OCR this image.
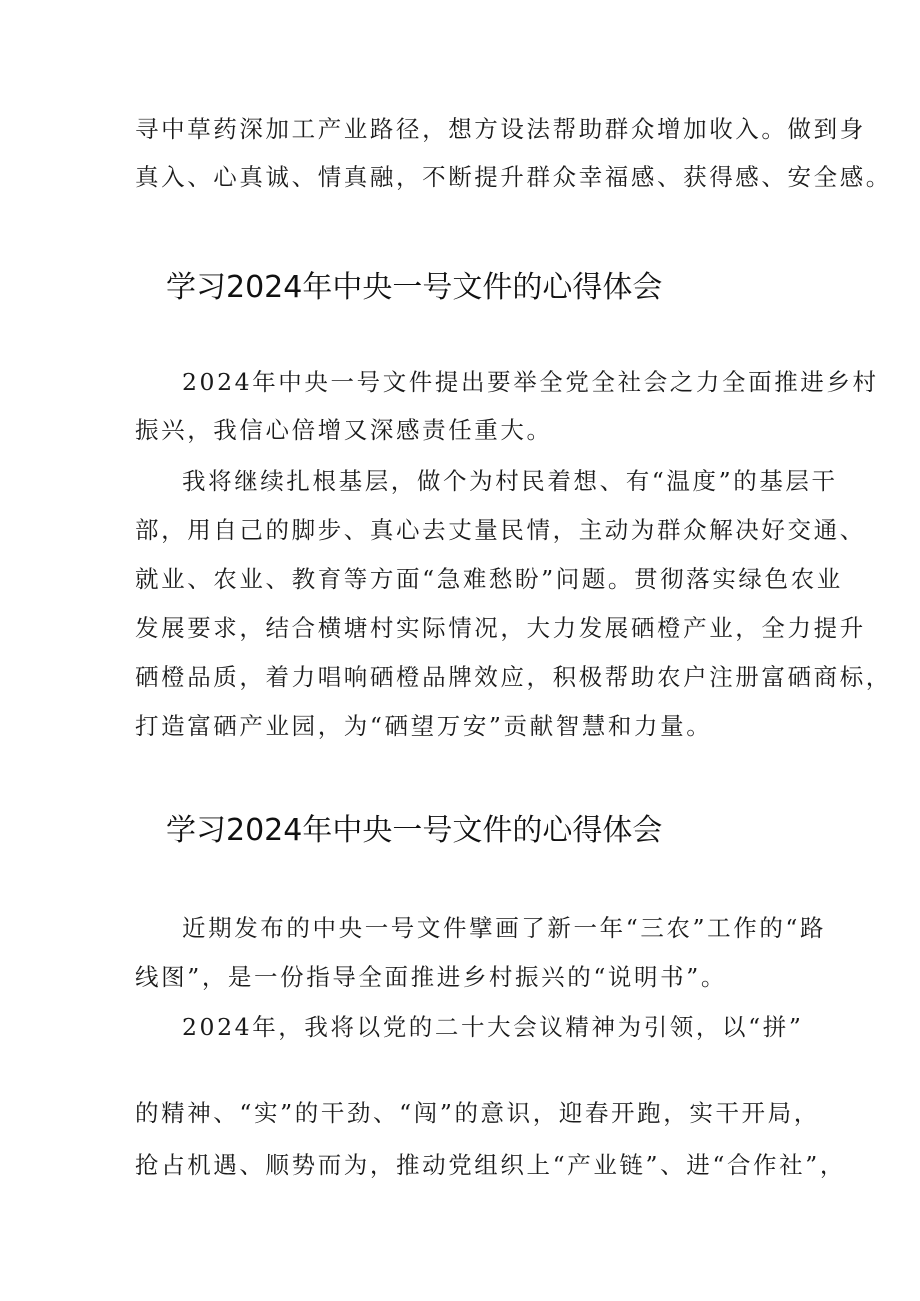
寻中草药深加工产业路径，想方设法帮助群众增加收入。做到身
真入、心真诚、情真融，不断提升群众幸福感、获得感、安全感。
学习2024年中央一号文件的心得体会
2024年中央一号文件提出要举全党全社会之力全面推进乡村
振兴，我信心倍增又深感责任重大。
我将继续扎根基层，做个为村民着想、有“温度”的基层干
部，用自己的脚步、真心去丈量民情，主动为群众解决好交通、
就业、农业、教育等方面“急难愁盼”问题。贯彻落实绿色农业
发展要求，结合横塘村实际情况，大力发展硒橙产业，全力提升
硒橙品质，着力唱响硒橙品牌效应，积极帮助农户注册富硒商标，
打造富硒产业园，为“硒望万安”贡献智慧和力量。
学习2024年中央一号文件的心得体会
近期发布的中央一号文件擘画了新一年“三农”工作的“路
线图”，是一份指导全面推进乡村振兴的“说明书”。
2024年，我将以党的二十大会议精神为引领，以“拼”
的精神、“实”的干劲、“闯”的意识，迎春开跑，实干开局，
抢占机遇、顺势而为，推动党组织上“产业链”、进“合作社”，
